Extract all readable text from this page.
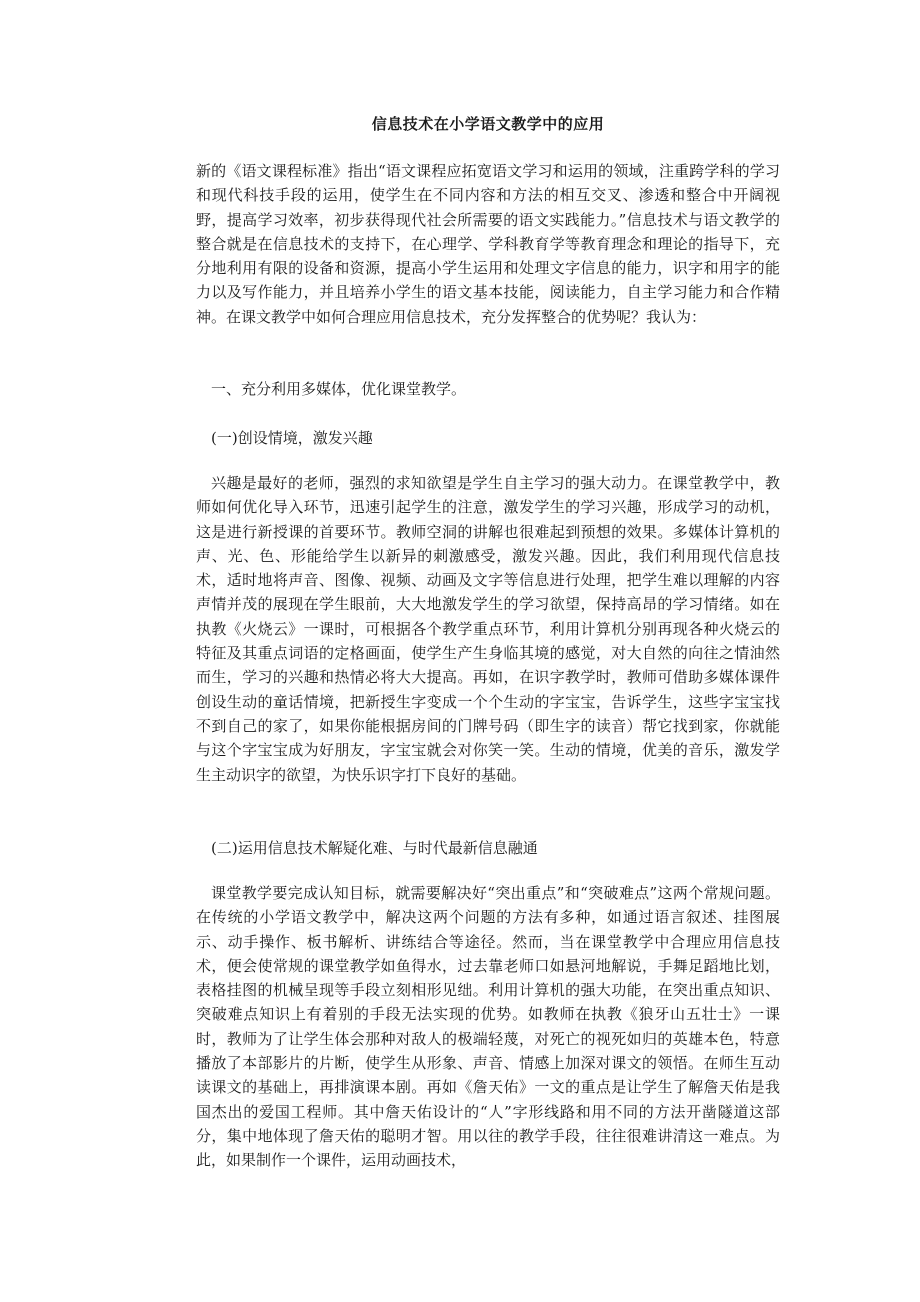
信息技术在小学语文教学中的应用

新的《语文课程标准》指出“语文课程应拓宽语文学习和运用的领域，注重跨学科的学习和现代科技手段的运用，使学生在不同内容和方法的相互交叉、渗透和整合中开阔视野，提高学习效率，初步获得现代社会所需要的语文实践能力。”信息技术与语文教学的整合就是在信息技术的支持下，在心理学、学科教育学等教育理念和理论的指导下，充分地利用有限的设备和资源，提高小学生运用和处理文字信息的能力，识字和用字的能力以及写作能力，并且培养小学生的语文基本技能，阅读能力，自主学习能力和合作精神。在课文教学中如何合理应用信息技术，充分发挥整合的优势呢？我认为：

一、充分利用多媒体，优化课堂教学。

(一)创设情境，激发兴趣

兴趣是最好的老师，强烈的求知欲望是学生自主学习的强大动力。在课堂教学中，教师如何优化导入环节，迅速引起学生的注意，激发学生的学习兴趣，形成学习的动机，这是进行新授课的首要环节。教师空洞的讲解也很难起到预想的效果。多媒体计算机的声、光、色、形能给学生以新异的刺激感受，激发兴趣。因此，我们利用现代信息技术，适时地将声音、图像、视频、动画及文字等信息进行处理，把学生难以理解的内容声情并茂的展现在学生眼前，大大地激发学生的学习欲望，保持高昂的学习情绪。如在执教《火烧云》一课时，可根据各个教学重点环节，利用计算机分别再现各种火烧云的特征及其重点词语的定格画面，使学生产生身临其境的感觉，对大自然的向往之情油然而生，学习的兴趣和热情必将大大提高。再如，在识字教学时，教师可借助多媒体课件创设生动的童话情境，把新授生字变成一个个生动的字宝宝，告诉学生，这些字宝宝找不到自己的家了，如果你能根据房间的门牌号码（即生字的读音）帮它找到家，你就能与这个字宝宝成为好朋友，字宝宝就会对你笑一笑。生动的情境，优美的音乐，激发学生主动识字的欲望，为快乐识字打下良好的基础。

(二)运用信息技术解疑化难、与时代最新信息融通

课堂教学要完成认知目标，就需要解决好“突出重点”和“突破难点”这两个常规问题。在传统的小学语文教学中，解决这两个问题的方法有多种，如通过语言叙述、挂图展示、动手操作、板书解析、讲练结合等途径。然而，当在课堂教学中合理应用信息技术，便会使常规的课堂教学如鱼得水，过去靠老师口如悬河地解说，手舞足蹈地比划，表格挂图的机械呈现等手段立刻相形见绌。利用计算机的强大功能，在突出重点知识、突破难点知识上有着别的手段无法实现的优势。如教师在执教《狼牙山五壮士》一课时，教师为了让学生体会那种对敌人的极端轻蔑，对死亡的视死如归的英雄本色，特意播放了本部影片的片断，使学生从形象、声音、情感上加深对课文的领悟。在师生互动读课文的基础上，再排演课本剧。再如《詹天佑》一文的重点是让学生了解詹天佑是我国杰出的爱国工程师。其中詹天佑设计的“人”字形线路和用不同的方法开凿隧道这部分，集中地体现了詹天佑的聪明才智。用以往的教学手段，往往很难讲清这一难点。为此，如果制作一个课件，运用动画技术，
